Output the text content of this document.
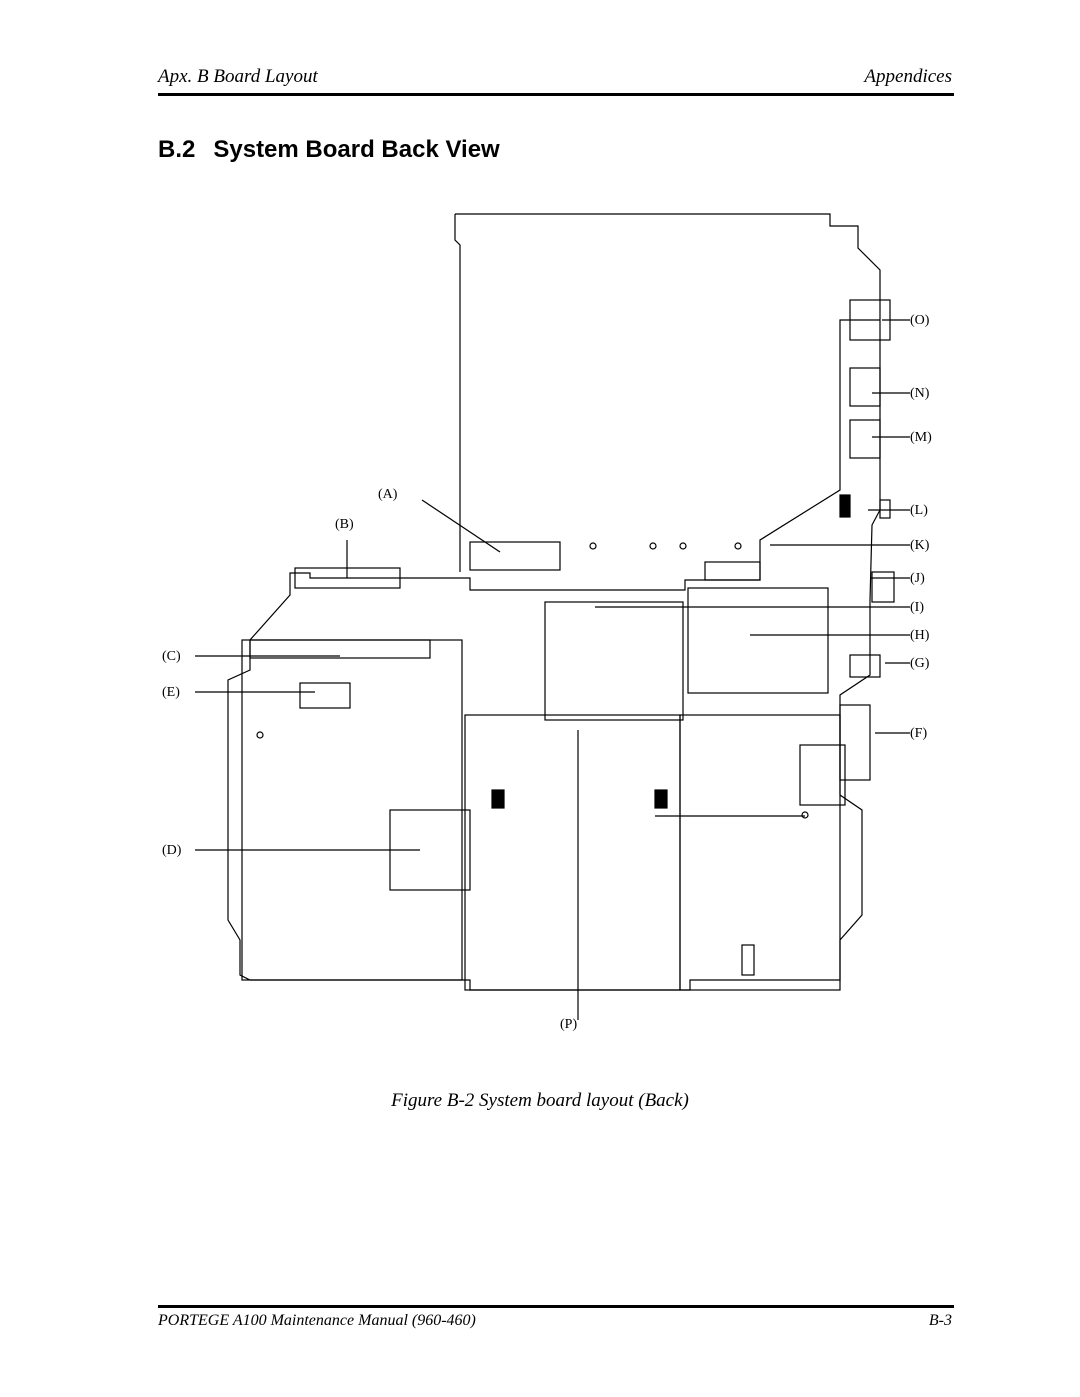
Apx. B Board Layout	Appendices
B.2 System Board Back View
(A)
(B)
(C)
(D)
(E)
(F)
(G)
(H)
(I)
(J)
(K)
(L)
(M)
(N)
(O)
(P)
Figure B-2 System board layout (Back)
PORTEGE A100 Maintenance Manual (960-460)	B-3
